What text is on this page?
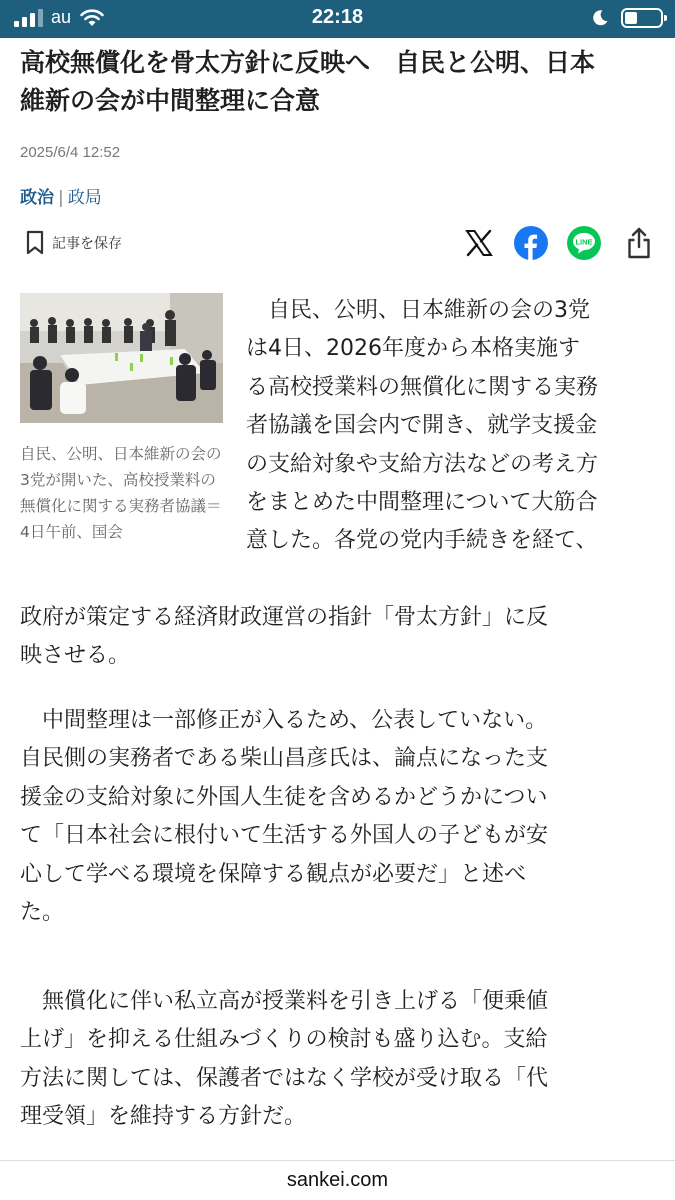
au	22:18
高校無償化を骨太方針に反映へ　自民と公明、日本
維新の会が中間整理に合意
2025/6/4 12:52
政治 | 政局
記事を保存	LINE
自民、公明、日本維新の会の3党が開いた、高校授業料の無償化に関する実務者協議＝4日午前、国会
　自民、公明、日本維新の会の3党
は4日、2026年度から本格実施す
る高校授業料の無償化に関する実務
者協議を国会内で開き、就学支援金
の支給対象や支給方法などの考え方
をまとめた中間整理について大筋合
意した。各党の党内手続きを経て、
政府が策定する経済財政運営の指針「骨太方針」に反
映させる。
　中間整理は一部修正が入るため、公表していない。
自民側の実務者である柴山昌彦氏は、論点になった支
援金の支給対象に外国人生徒を含めるかどうかについ
て「日本社会に根付いて生活する外国人の子どもが安
心して学べる環境を保障する観点が必要だ」と述べ
た。
　無償化に伴い私立高が授業料を引き上げる「便乗値
上げ」を抑える仕組みづくりの検討も盛り込む。支給
方法に関しては、保護者ではなく学校が受け取る「代
理受領」を維持する方針だ。
sankei.com
